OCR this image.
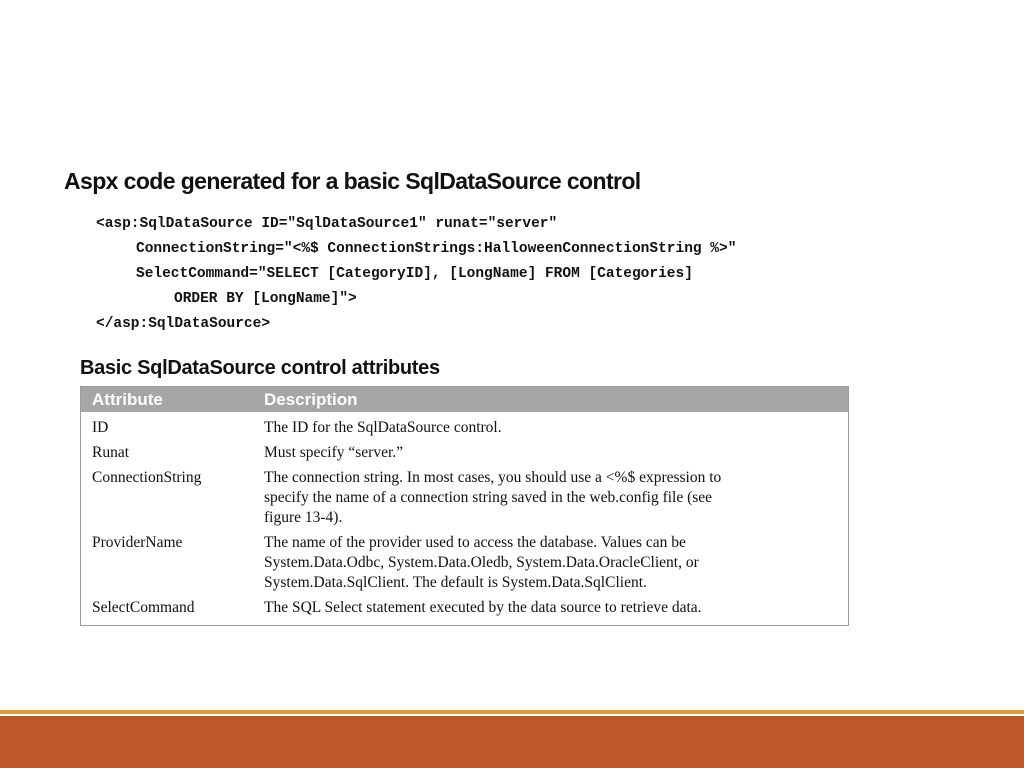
Aspx code generated for a basic SqlDataSource control
<asp:SqlDataSource ID="SqlDataSource1" runat="server"
ConnectionString="<%$ ConnectionStrings:HalloweenConnectionString %>"
SelectCommand="SELECT [CategoryID], [LongName] FROM [Categories]
ORDER BY [LongName]">
</asp:SqlDataSource>
Basic SqlDataSource control attributes
Attribute	Description
ID	The ID for the SqlDataSource control.
Runat	Must specify “server.”
ConnectionString	The connection string. In most cases, you should use a <%$ expression to
specify the name of a connection string saved in the web.config file (see
figure 13-4).
ProviderName	The name of the provider used to access the database. Values can be
System.Data.Odbc, System.Data.Oledb, System.Data.OracleClient, or
System.Data.SqlClient. The default is System.Data.SqlClient.
SelectCommand	The SQL Select statement executed by the data source to retrieve data.
